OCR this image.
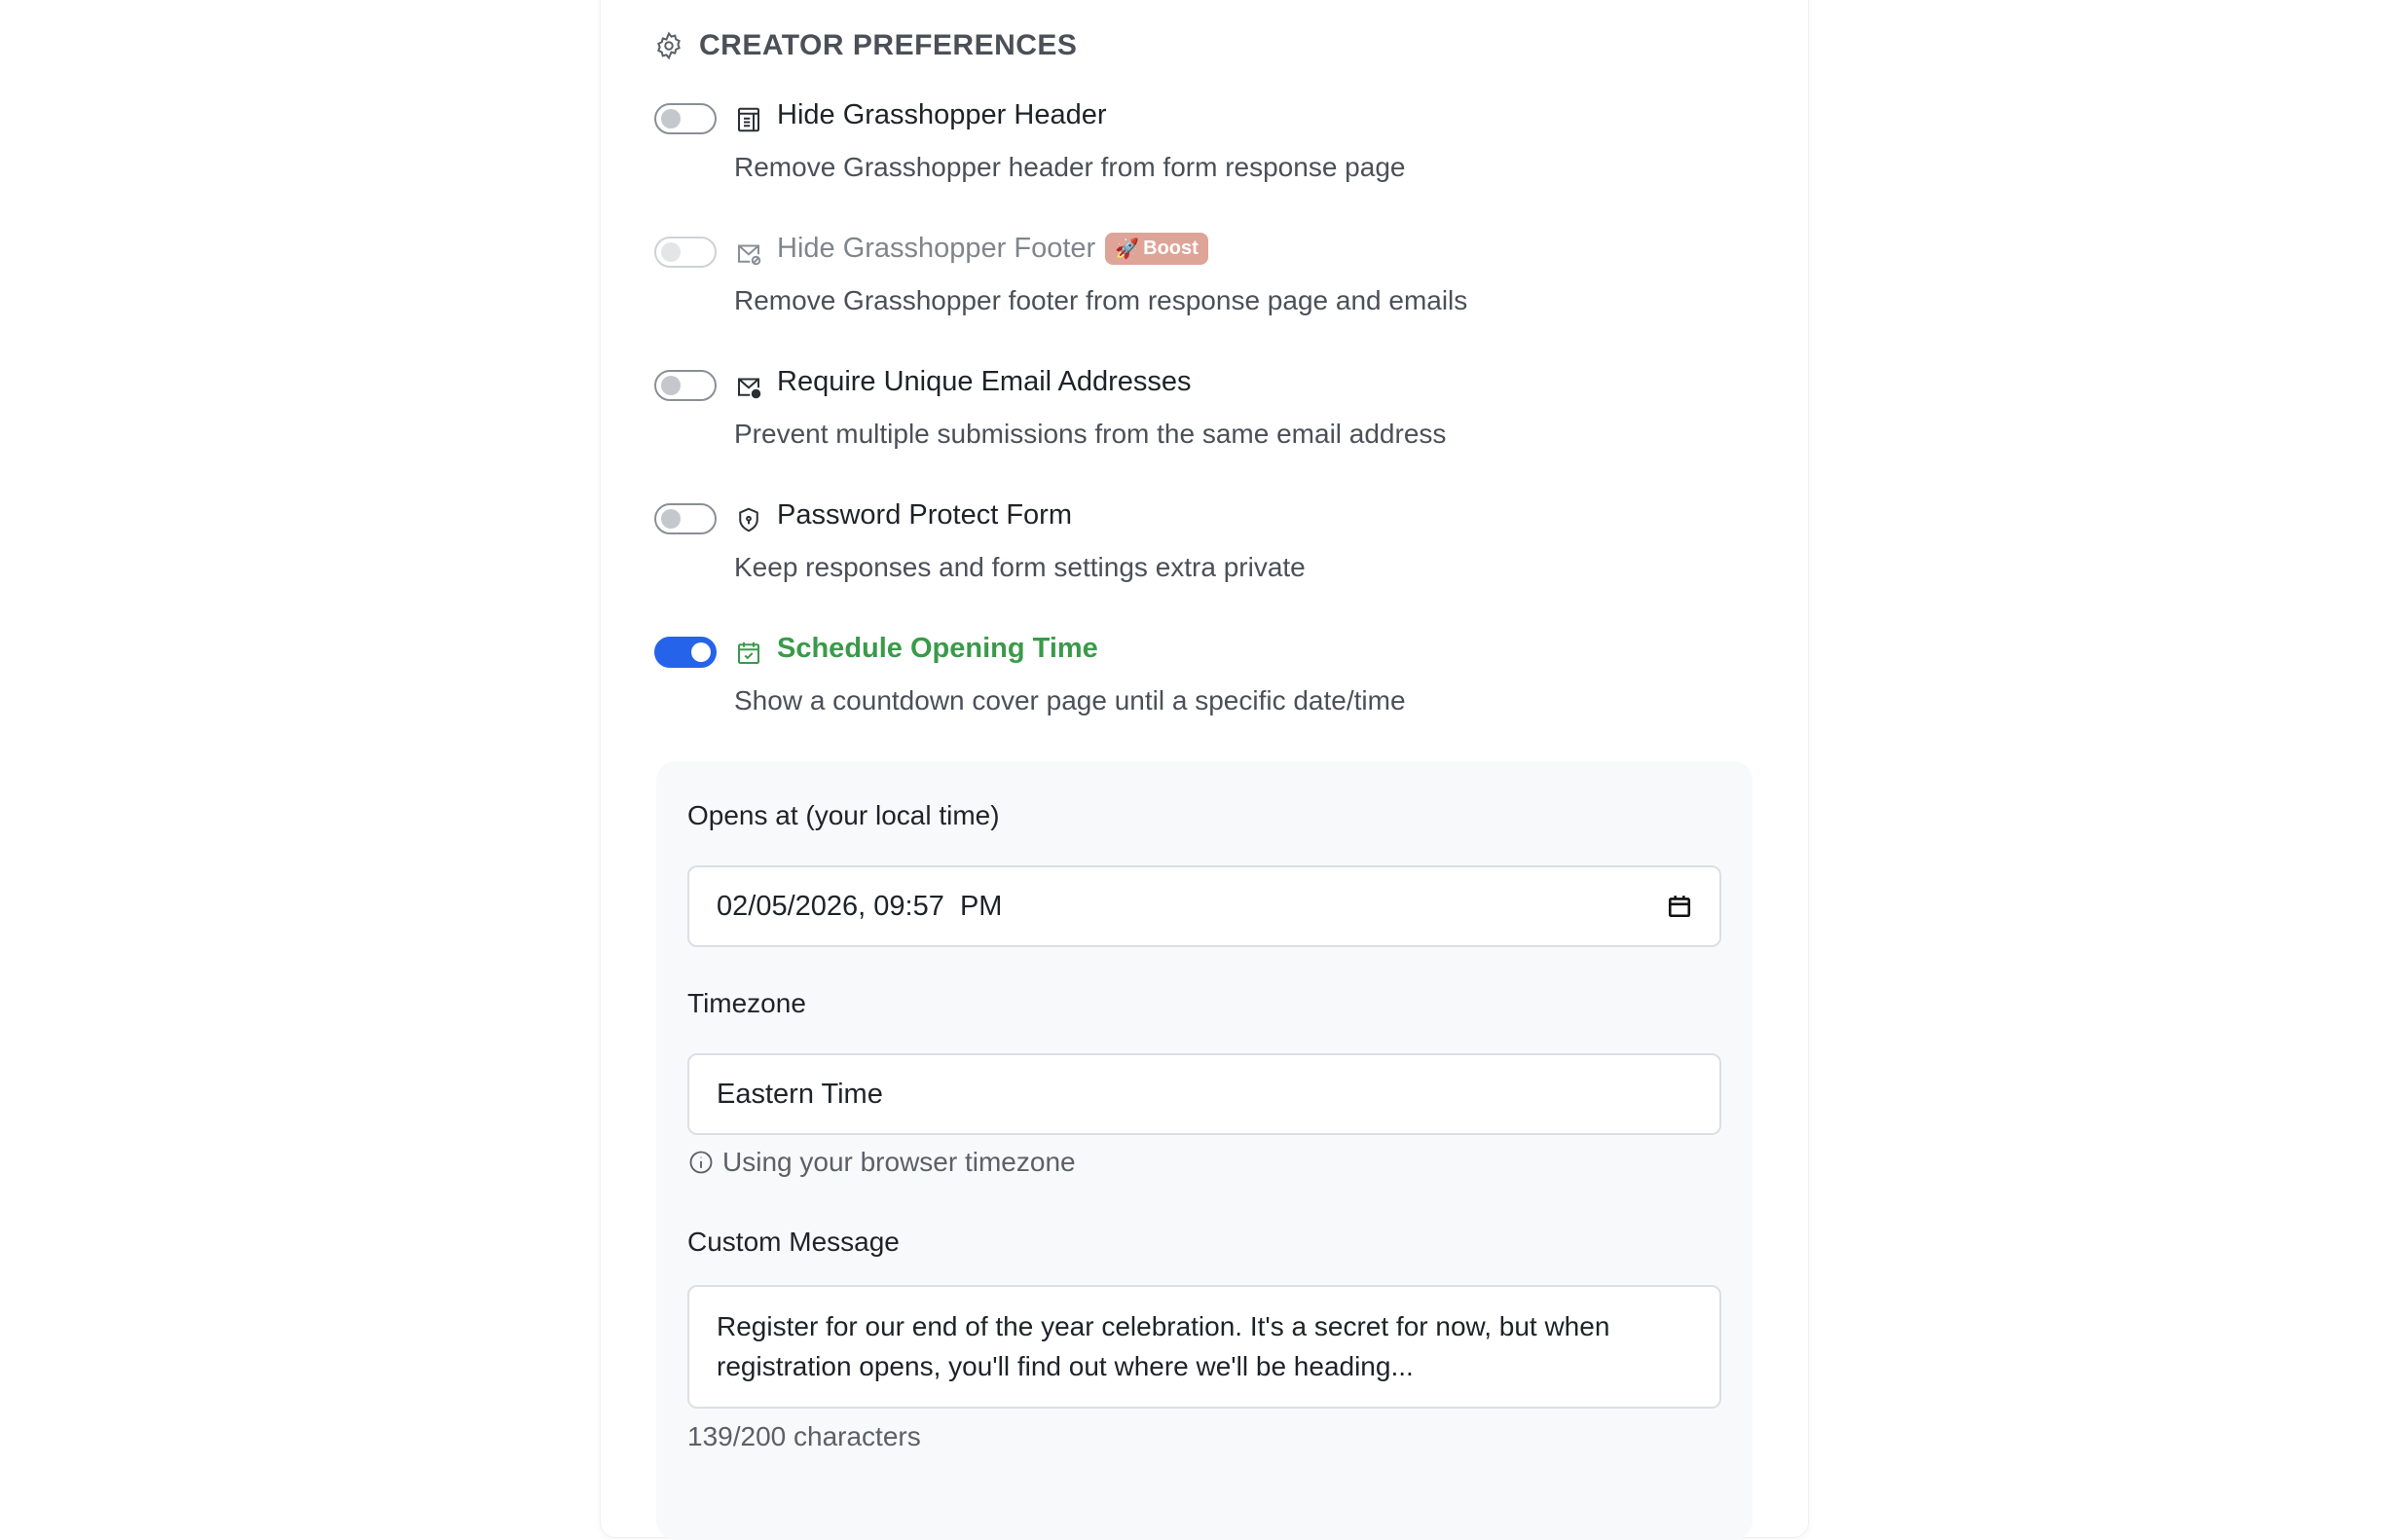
CREATOR PREFERENCES
Hide Grasshopper Header
Remove Grasshopper header from form response page
Hide Grasshopper Footer 🚀 Boost
Remove Grasshopper footer from response page and emails
Require Unique Email Addresses
Prevent multiple submissions from the same email address
Password Protect Form
Keep responses and form settings extra private
Schedule Opening Time
Show a countdown cover page until a specific date/time
Opens at (your local time)
02/05/2026, 09:57  PM
Timezone
Eastern Time
Using your browser timezone
Custom Message
Register for our end of the year celebration. It's a secret for now, but when registration opens, you'll find out where we'll be heading...
139/200 characters
